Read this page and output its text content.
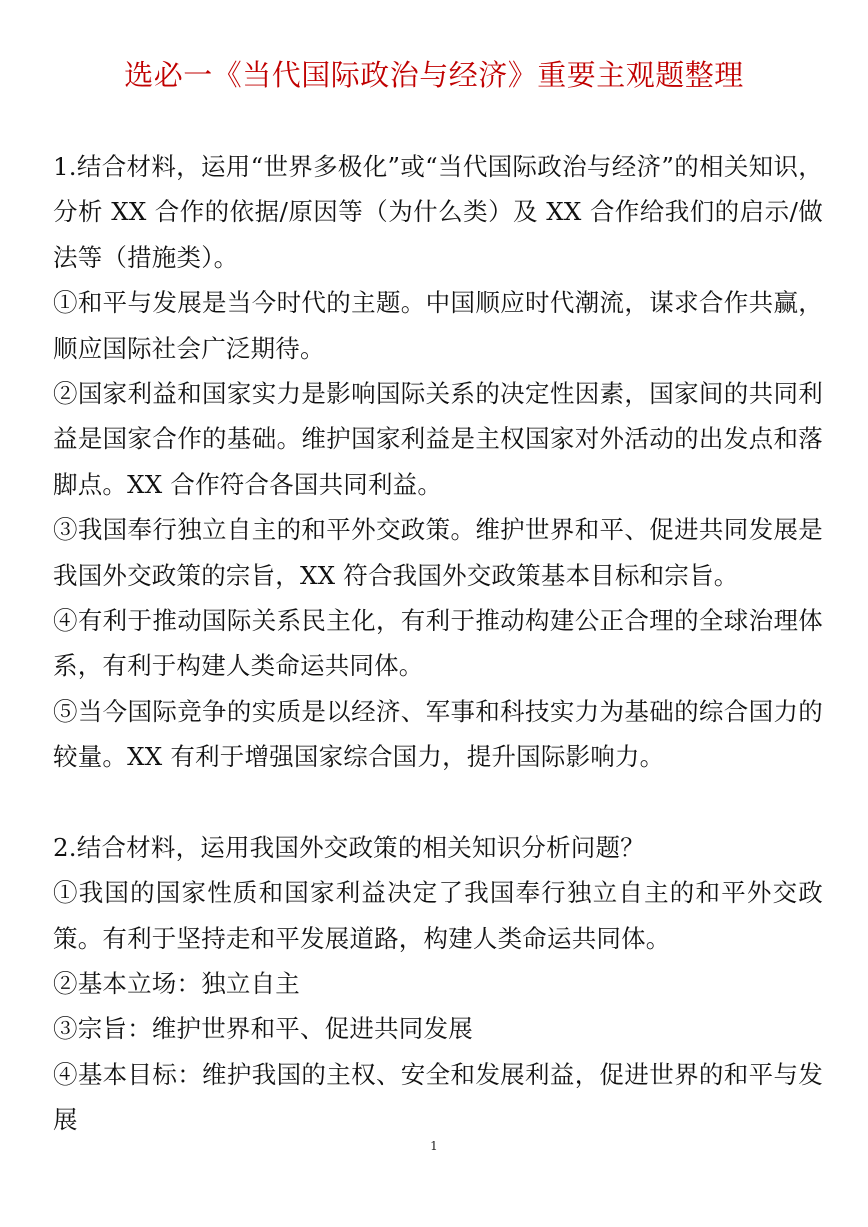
选必一《当代国际政治与经济》重要主观题整理

1.结合材料，运用“世界多极化”或“当代国际政治与经济”的相关知识，分析 XX 合作的依据/原因等（为什么类）及 XX 合作给我们的启示/做法等（措施类）。

①和平与发展是当今时代的主题。中国顺应时代潮流，谋求合作共赢，顺应国际社会广泛期待。

②国家利益和国家实力是影响国际关系的决定性因素，国家间的共同利益是国家合作的基础。维护国家利益是主权国家对外活动的出发点和落脚点。XX 合作符合各国共同利益。

③我国奉行独立自主的和平外交政策。维护世界和平、促进共同发展是我国外交政策的宗旨，XX 符合我国外交政策基本目标和宗旨。

④有利于推动国际关系民主化，有利于推动构建公正合理的全球治理体系，有利于构建人类命运共同体。

⑤当今国际竞争的实质是以经济、军事和科技实力为基础的综合国力的较量。XX 有利于增强国家综合国力，提升国际影响力。

2.结合材料，运用我国外交政策的相关知识分析问题？

①我国的国家性质和国家利益决定了我国奉行独立自主的和平外交政策。有利于坚持走和平发展道路，构建人类命运共同体。

②基本立场：独立自主

③宗旨：维护世界和平、促进共同发展

④基本目标：维护我国的主权、安全和发展利益，促进世界的和平与发展

1
